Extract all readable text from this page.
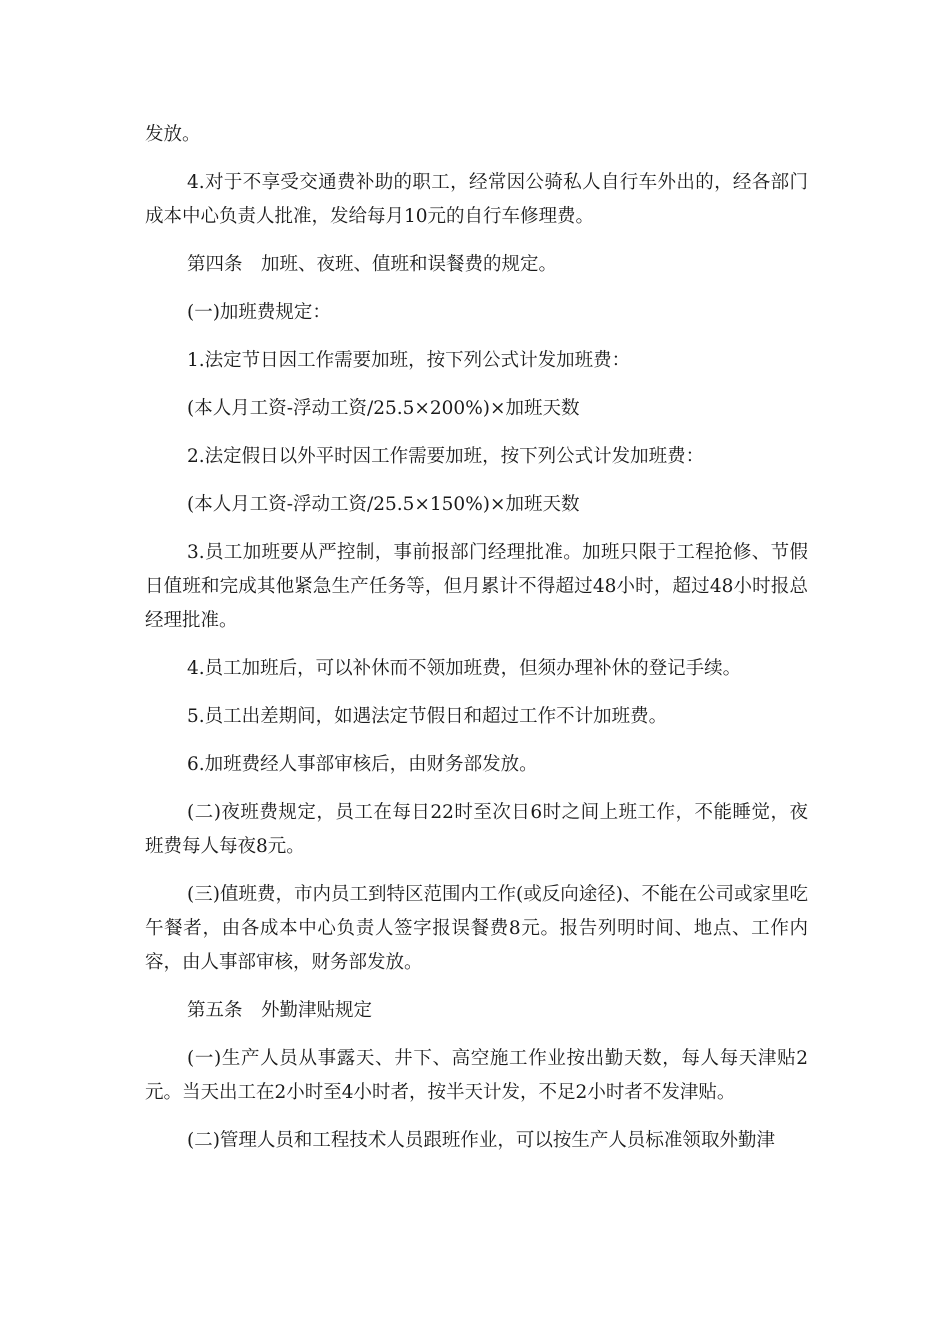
发放。

4.对于不享受交通费补助的职工，经常因公骑私人自行车外出的，经各部门成本中心负责人批准，发给每月10元的自行车修理费。

第四条　加班、夜班、值班和误餐费的规定。

(一)加班费规定：

1.法定节日因工作需要加班，按下列公式计发加班费：

(本人月工资-浮动工资/25.5×200%)×加班天数

2.法定假日以外平时因工作需要加班，按下列公式计发加班费：

(本人月工资-浮动工资/25.5×150%)×加班天数

3.员工加班要从严控制，事前报部门经理批准。加班只限于工程抢修、节假日值班和完成其他紧急生产任务等，但月累计不得超过48小时，超过48小时报总经理批准。

4.员工加班后，可以补休而不领加班费，但须办理补休的登记手续。

5.员工出差期间，如遇法定节假日和超过工作不计加班费。

6.加班费经人事部审核后，由财务部发放。

(二)夜班费规定，员工在每日22时至次日6时之间上班工作，不能睡觉，夜班费每人每夜8元。

(三)值班费，市内员工到特区范围内工作(或反向途径)、不能在公司或家里吃午餐者，由各成本中心负责人签字报误餐费8元。报告列明时间、地点、工作内容，由人事部审核，财务部发放。

第五条　外勤津贴规定

(一)生产人员从事露天、井下、高空施工作业按出勤天数，每人每天津贴2元。当天出工在2小时至4小时者，按半天计发，不足2小时者不发津贴。

(二)管理人员和工程技术人员跟班作业，可以按生产人员标准领取外勤津
